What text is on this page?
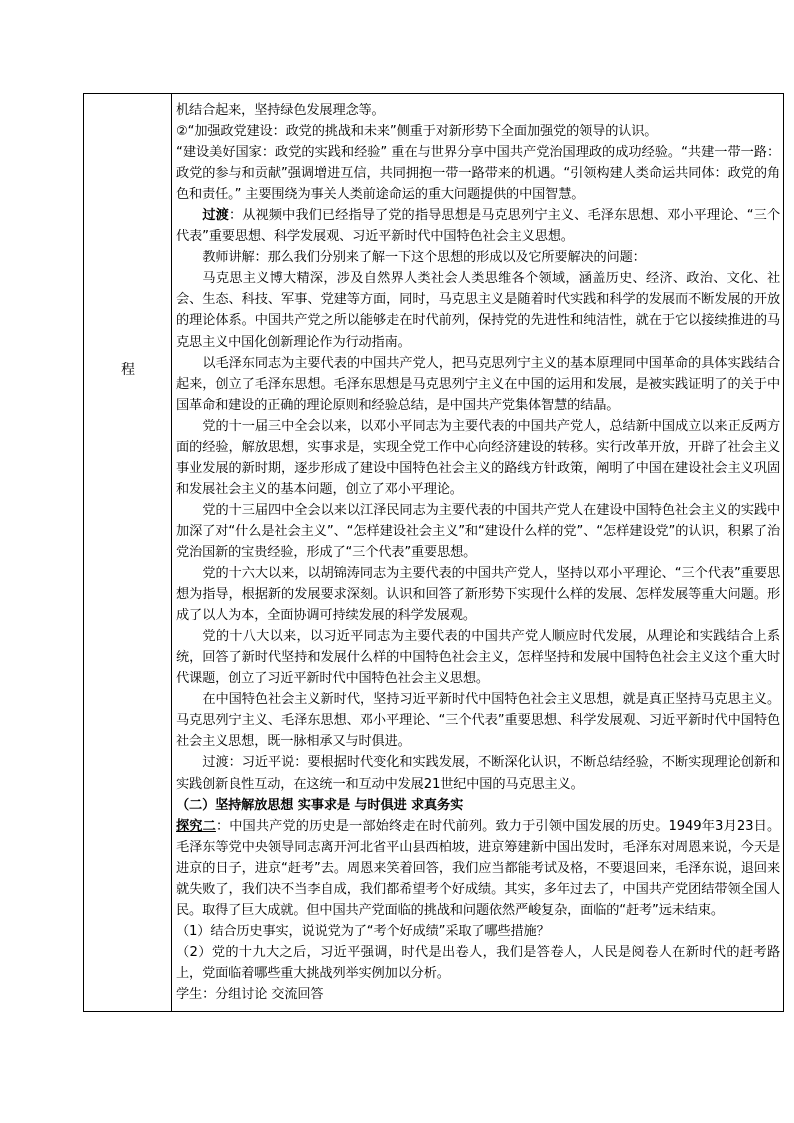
程

机结合起来，坚持绿色发展理念等。

②“加强政党建设：政党的挑战和未来”侧重于对新形势下全面加强党的领导的认识。

“建设美好国家：政党的实践和经验” 重在与世界分享中国共产党治国理政的成功经验。“共建一带一路：政党的参与和贡献”强调增进互信，共同拥抱一带一路带来的机遇。“引领构建人类命运共同体：政党的角色和责任。” 主要围绕为事关人类前途命运的重大问题提供的中国智慧。

过渡：从视频中我们已经指导了党的指导思想是马克思列宁主义、毛泽东思想、邓小平理论、“三个代表”重要思想、科学发展观、习近平新时代中国特色社会主义思想。

教师讲解：那么我们分别来了解一下这个思想的形成以及它所要解决的问题：

马克思主义博大精深，涉及自然界人类社会人类思维各个领域，涵盖历史、经济、政治、文化、社会、生态、科技、军事、党建等方面，同时，马克思主义是随着时代实践和科学的发展而不断发展的开放的理论体系。中国共产党之所以能够走在时代前列，保持党的先进性和纯洁性，就在于它以接续推进的马克思主义中国化创新理论作为行动指南。

以毛泽东同志为主要代表的中国共产党人，把马克思列宁主义的基本原理同中国革命的具体实践结合起来，创立了毛泽东思想。毛泽东思想是马克思列宁主义在中国的运用和发展，是被实践证明了的关于中国革命和建设的正确的理论原则和经验总结，是中国共产党集体智慧的结晶。

党的十一届三中全会以来，以邓小平同志为主要代表的中国共产党人，总结新中国成立以来正反两方面的经验，解放思想，实事求是，实现全党工作中心向经济建设的转移。实行改革开放，开辟了社会主义事业发展的新时期，逐步形成了建设中国特色社会主义的路线方针政策，阐明了中国在建设社会主义巩固和发展社会主义的基本问题，创立了邓小平理论。

党的十三届四中全会以来以江泽民同志为主要代表的中国共产党人在建设中国特色社会主义的实践中加深了对“什么是社会主义”、“怎样建设社会主义”和“建设什么样的党”、“怎样建设党”的认识，积累了治党治国新的宝贵经验，形成了“三个代表”重要思想。

党的十六大以来，以胡锦涛同志为主要代表的中国共产党人，坚持以邓小平理论、“三个代表”重要思想为指导，根据新的发展要求深刻。认识和回答了新形势下实现什么样的发展、怎样发展等重大问题。形成了以人为本，全面协调可持续发展的科学发展观。

党的十八大以来，以习近平同志为主要代表的中国共产党人顺应时代发展，从理论和实践结合上系统，回答了新时代坚持和发展什么样的中国特色社会主义，怎样坚持和发展中国特色社会主义这个重大时代课题，创立了习近平新时代中国特色社会主义思想。

在中国特色社会主义新时代，坚持习近平新时代中国特色社会主义思想，就是真正坚持马克思主义。马克思列宁主义、毛泽东思想、邓小平理论、“三个代表”重要思想、科学发展观、习近平新时代中国特色社会主义思想，既一脉相承又与时俱进。

过渡：习近平说：要根据时代变化和实践发展，不断深化认识，不断总结经验，不断实现理论创新和实践创新良性互动，在这统一和互动中发展21世纪中国的马克思主义。

（二）坚持解放思想 实事求是 与时俱进 求真务实

探究二：中国共产党的历史是一部始终走在时代前列。致力于引领中国发展的历史。1949年3月23日。毛泽东等党中央领导同志离开河北省平山县西柏坡，进京筹建新中国出发时，毛泽东对周恩来说，今天是进京的日子，进京“赶考”去。周恩来笑着回答，我们应当都能考试及格，不要退回来，毛泽东说，退回来就失败了，我们决不当李自成，我们都希望考个好成绩。其实，多年过去了，中国共产党团结带领全国人民。取得了巨大成就。但中国共产党面临的挑战和问题依然严峻复杂，面临的“赶考”远未结束。

（1）结合历史事实，说说党为了“考个好成绩”采取了哪些措施？

（2）党的十九大之后，习近平强调，时代是出卷人，我们是答卷人，人民是阅卷人在新时代的赶考路上，党面临着哪些重大挑战列举实例加以分析。

学生：分组讨论 交流回答
